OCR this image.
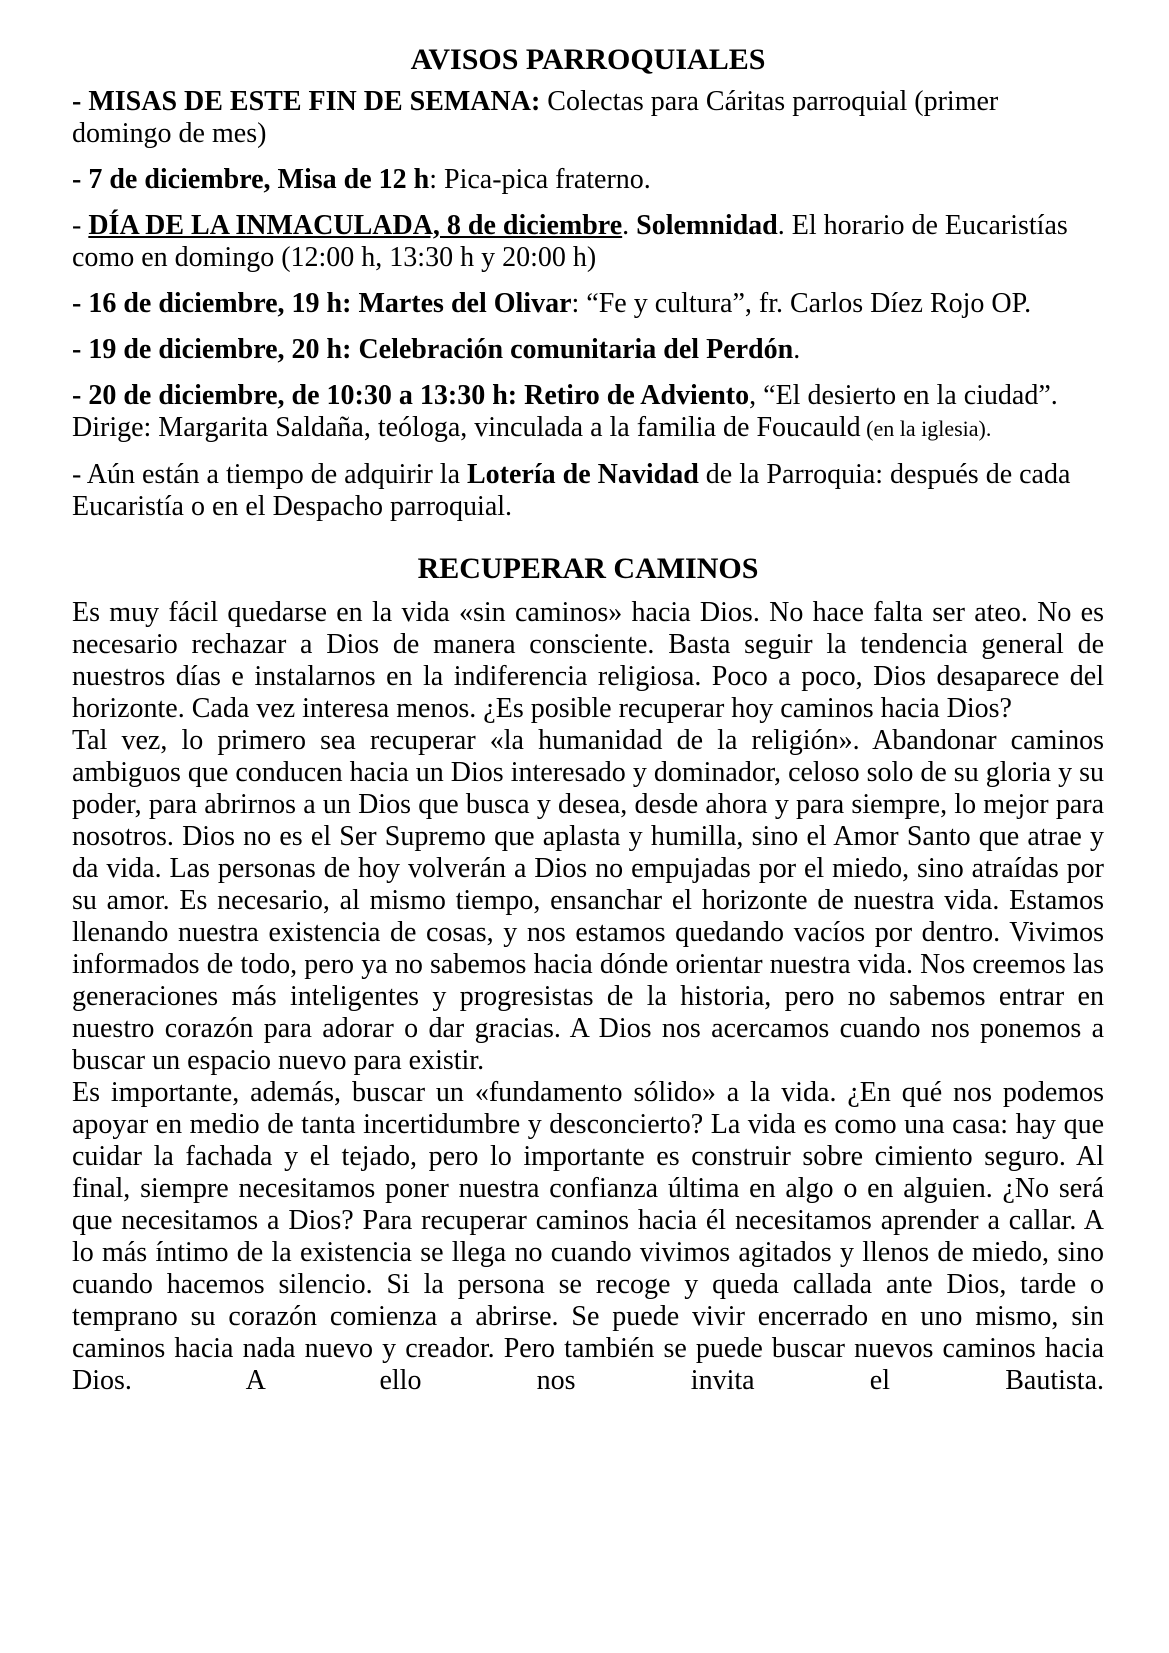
AVISOS PARROQUIALES

- MISAS DE ESTE FIN DE SEMANA: Colectas para Cáritas parroquial (primer domingo de mes)

- 7 de diciembre, Misa de 12 h: Pica-pica fraterno.

- DÍA DE LA INMACULADA, 8 de diciembre. Solemnidad. El horario de Eucaristías como en domingo (12:00 h, 13:30 h y 20:00 h)

- 16 de diciembre, 19 h: Martes del Olivar: “Fe y cultura”, fr. Carlos Díez Rojo OP.

- 19 de diciembre, 20 h: Celebración comunitaria del Perdón.

- 20 de diciembre, de 10:30 a 13:30 h: Retiro de Adviento, “El desierto en la ciudad”. Dirige: Margarita Saldaña, teóloga, vinculada a la familia de Foucauld (en la iglesia).

- Aún están a tiempo de adquirir la Lotería de Navidad de la Parroquia: después de cada Eucaristía o en el Despacho parroquial.

RECUPERAR CAMINOS

Es muy fácil quedarse en la vida «sin caminos» hacia Dios. No hace falta ser ateo. No es necesario rechazar a Dios de manera consciente. Basta seguir la tendencia general de nuestros días e instalarnos en la indiferencia religiosa. Poco a poco, Dios desaparece del horizonte. Cada vez interesa menos. ¿Es posible recuperar hoy caminos hacia Dios?

Tal vez, lo primero sea recuperar «la humanidad de la religión». Abandonar caminos ambiguos que conducen hacia un Dios interesado y dominador, celoso solo de su gloria y su poder, para abrirnos a un Dios que busca y desea, desde ahora y para siempre, lo mejor para nosotros. Dios no es el Ser Supremo que aplasta y humilla, sino el Amor Santo que atrae y da vida. Las personas de hoy volverán a Dios no empujadas por el miedo, sino atraídas por su amor. Es necesario, al mismo tiempo, ensanchar el horizonte de nuestra vida. Estamos llenando nuestra existencia de cosas, y nos estamos quedando vacíos por dentro. Vivimos informados de todo, pero ya no sabemos hacia dónde orientar nuestra vida. Nos creemos las generaciones más inteligentes y progresistas de la historia, pero no sabemos entrar en nuestro corazón para adorar o dar gracias. A Dios nos acercamos cuando nos ponemos a buscar un espacio nuevo para existir.

Es importante, además, buscar un «fundamento sólido» a la vida. ¿En qué nos podemos apoyar en medio de tanta incertidumbre y desconcierto? La vida es como una casa: hay que cuidar la fachada y el tejado, pero lo importante es construir sobre cimiento seguro. Al final, siempre necesitamos poner nuestra confianza última en algo o en alguien. ¿No será que necesitamos a Dios? Para recuperar caminos hacia él necesitamos aprender a callar. A lo más íntimo de la existencia se llega no cuando vivimos agitados y llenos de miedo, sino cuando hacemos silencio. Si la persona se recoge y queda callada ante Dios, tarde o temprano su corazón comienza a abrirse. Se puede vivir encerrado en uno mismo, sin caminos hacia nada nuevo y creador. Pero también se puede buscar nuevos caminos hacia Dios. A ello nos invita el Bautista.
